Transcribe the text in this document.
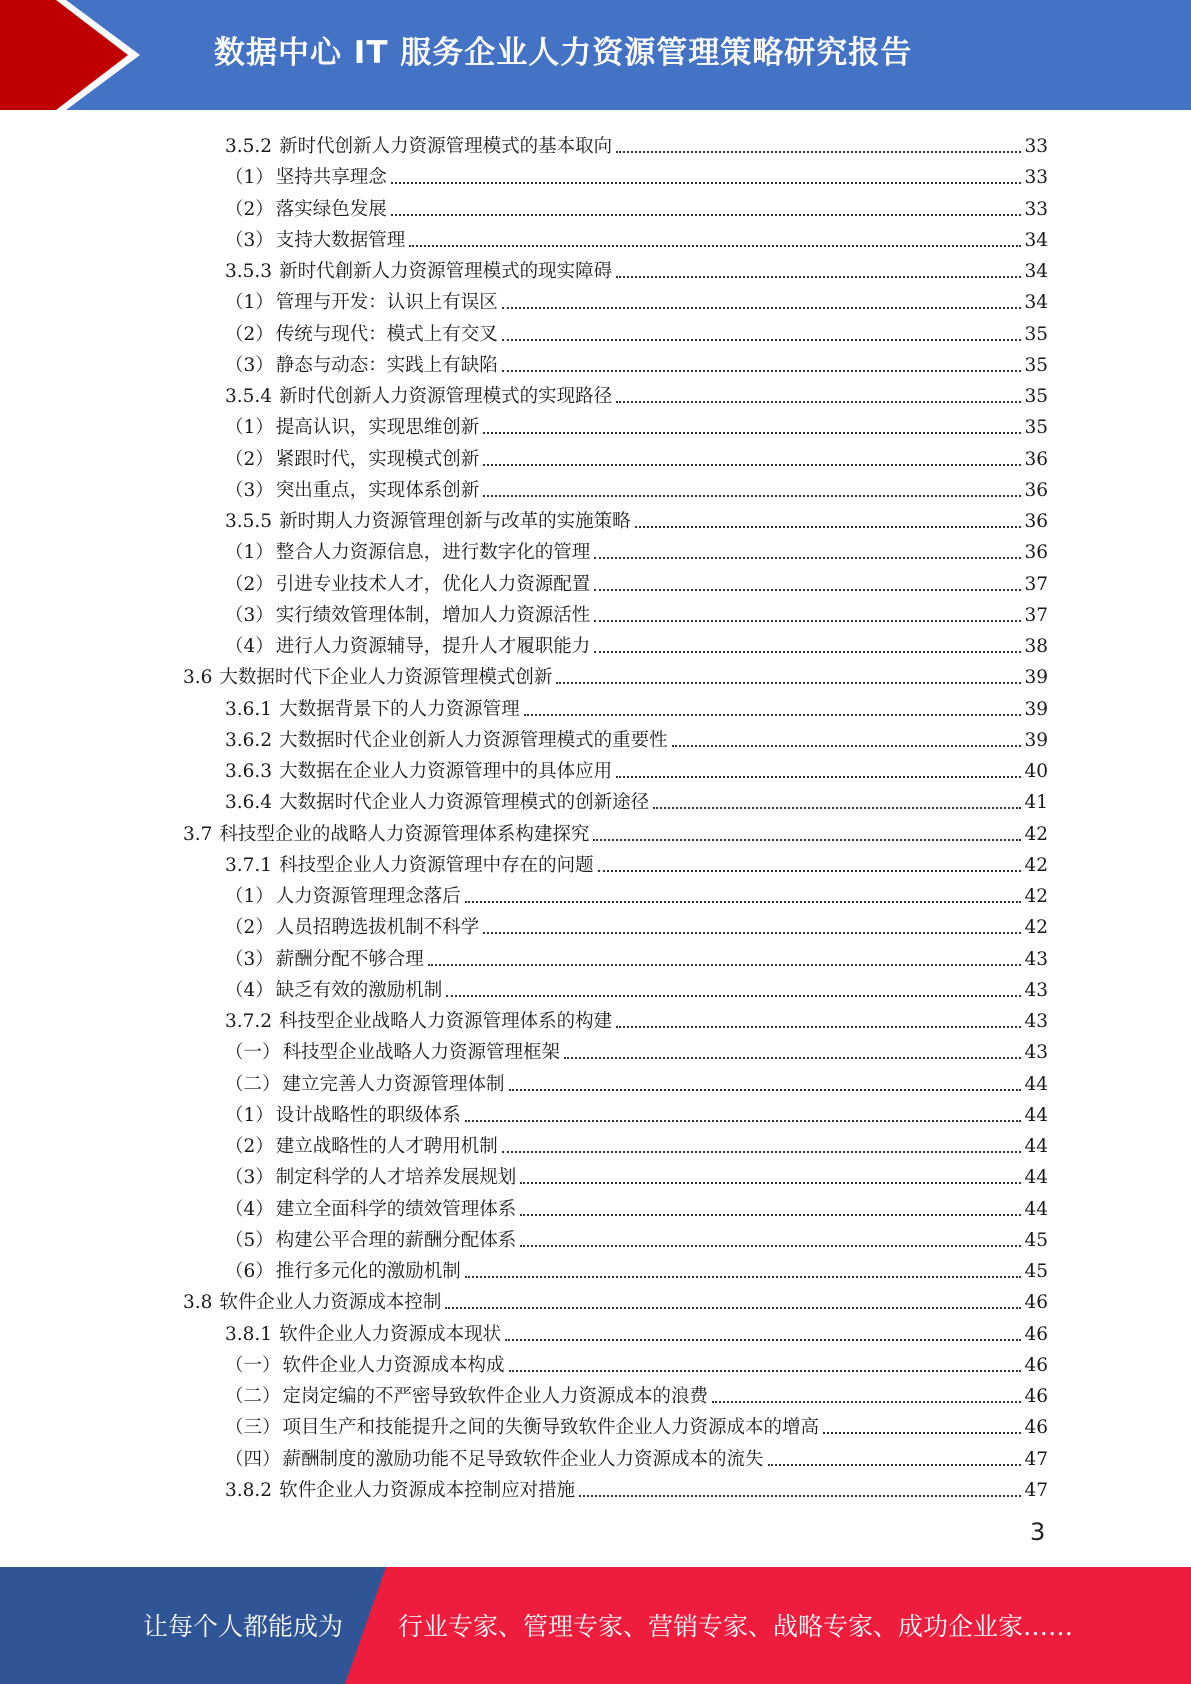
数据中心 IT 服务企业人力资源管理策略研究报告
3.5.2 新时代创新人力资源管理模式的基本取向	33
（1） 坚持共享理念	33
（2） 落实绿色发展	33
（3） 支持大数据管理	34
3.5.3 新时代創新人力资源管理模式的现实障碍	34
（1） 管理与开发：认识上有误区	34
（2） 传统与现代：模式上有交叉	35
（3） 静态与动态：实践上有缺陷	35
3.5.4 新时代创新人力资源管理模式的实现路径	35
（1） 提高认识，实现思维创新	35
（2） 紧跟时代，实现模式创新	36
（3） 突出重点，实现体系创新	36
3.5.5 新时期人力资源管理创新与改革的实施策略	36
（1） 整合人力资源信息，进行数字化的管理	36
（2） 引进专业技术人才，优化人力资源配置	37
（3） 实行绩效管理体制，增加人力资源活性	37
（4） 进行人力资源辅导，提升人才履职能力	38
3.6 大数据时代下企业人力资源管理模式创新	39
3.6.1 大数据背景下的人力资源管理	39
3.6.2 大数据时代企业创新人力资源管理模式的重要性	39
3.6.3 大数据在企业人力资源管理中的具体应用	40
3.6.4 大数据时代企业人力资源管理模式的创新途径	41
3.7 科技型企业的战略人力资源管理体系构建探究	42
3.7.1 科技型企业人力资源管理中存在的问题	42
（1） 人力资源管理理念落后	42
（2） 人员招聘选拔机制不科学	42
（3） 薪酬分配不够合理	43
（4） 缺乏有效的激励机制	43
3.7.2 科技型企业战略人力资源管理体系的构建	43
（一） 科技型企业战略人力资源管理框架	43
（二） 建立完善人力资源管理体制	44
（1） 设计战略性的职级体系	44
（2） 建立战略性的人才聘用机制	44
（3） 制定科学的人才培养发展规划	44
（4） 建立全面科学的绩效管理体系	44
（5） 构建公平合理的薪酬分配体系	45
（6） 推行多元化的激励机制	45
3.8 软件企业人力资源成本控制	46
3.8.1 软件企业人力资源成本现状	46
（一） 软件企业人力资源成本构成	46
（二） 定岗定编的不严密导致软件企业人力资源成本的浪费	46
（三） 项目生产和技能提升之间的失衡导致软件企业人力资源成本的增高	46
（四） 薪酬制度的激励功能不足导致软件企业人力资源成本的流失	47
3.8.2 软件企业人力资源成本控制应对措施	47
3
让每个人都能成为 行业专家、管理专家、营销专家、战略专家、成功企业家……
